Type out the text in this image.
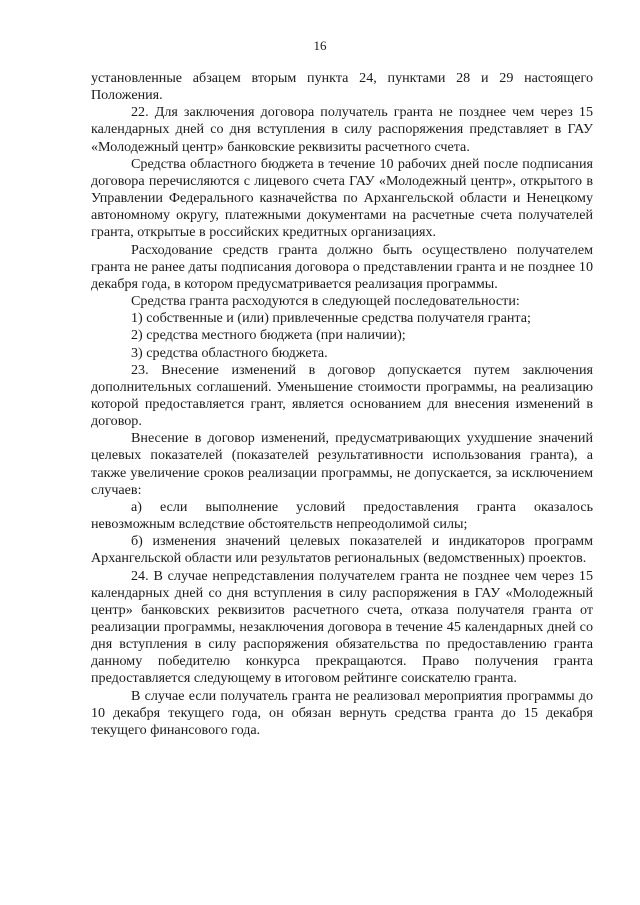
16

установленные абзацем вторым пункта 24, пунктами 28 и 29 настоящего Положения.

22. Для заключения договора получатель гранта не позднее чем через 15 календарных дней со дня вступления в силу распоряжения представляет в ГАУ «Молодежный центр» банковские реквизиты расчетного счета.

Средства областного бюджета в течение 10 рабочих дней после подписания договора перечисляются с лицевого счета ГАУ «Молодежный центр», открытого в Управлении Федерального казначейства по Архангельской области и Ненецкому автономному округу, платежными документами на расчетные счета получателей гранта, открытые в российских кредитных организациях.

Расходование средств гранта должно быть осуществлено получателем гранта не ранее даты подписания договора о представлении гранта и не позднее 10 декабря года, в котором предусматривается реализация программы.

Средства гранта расходуются в следующей последовательности:

1) собственные и (или) привлеченные средства получателя гранта;

2) средства местного бюджета (при наличии);

3) средства областного бюджета.

23. Внесение изменений в договор допускается путем заключения дополнительных соглашений. Уменьшение стоимости программы, на реализацию которой предоставляется грант, является основанием для внесения изменений в договор.

Внесение в договор изменений, предусматривающих ухудшение значений целевых показателей (показателей результативности использования гранта), а также увеличение сроков реализации программы, не допускается, за исключением случаев:

а) если выполнение условий предоставления гранта оказалось невозможным вследствие обстоятельств непреодолимой силы;

б) изменения значений целевых показателей и индикаторов программ Архангельской области или результатов региональных (ведомственных) проектов.

24. В случае непредставления получателем гранта не позднее чем через 15 календарных дней со дня вступления в силу распоряжения в ГАУ «Молодежный центр» банковских реквизитов расчетного счета, отказа получателя гранта от реализации программы, незаключения договора в течение 45 календарных дней со дня вступления в силу распоряжения обязательства по предоставлению гранта данному победителю конкурса прекращаются. Право получения гранта предоставляется следующему в итоговом рейтинге соискателю гранта.

В случае если получатель гранта не реализовал мероприятия программы до 10 декабря текущего года, он обязан вернуть средства гранта до 15 декабря текущего финансового года.
